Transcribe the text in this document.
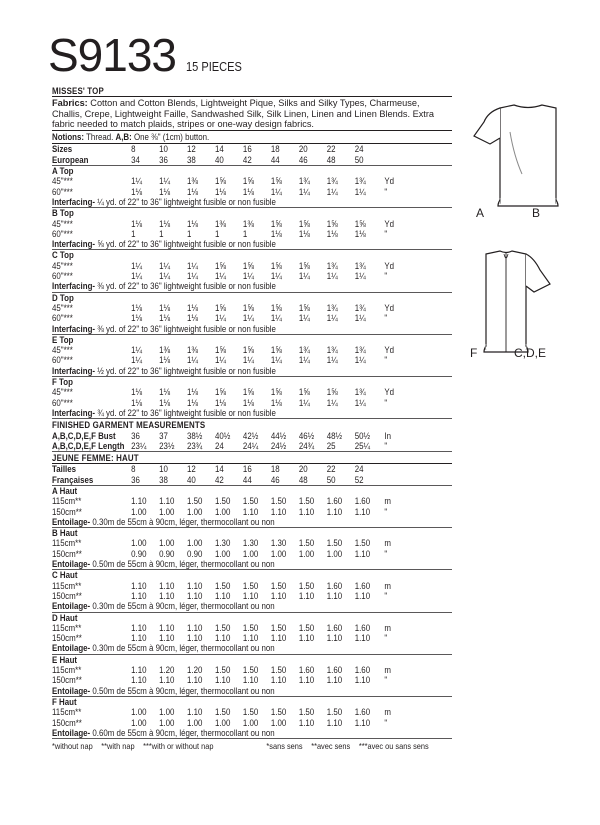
S9133 15 PIECES
MISSES' TOP
Fabrics: Cotton and Cotton Blends, Lightweight Pique, Silks and Silky Types, Charmeuse, Challis, Crepe, Lightweight Faille, Sandwashed Silk, Silk Linen, Linen and Linen Blends. Extra fabric needed to match plaids, stripes or one-way design fabrics.
Notions: Thread. A,B: One ⅜" (1cm) button.
Sizes	8	10	12	14	16	18	20	22	24
European	34	36	38	40	42	44	46	48	50
A Top
45"***	1¼	1¼	1⅜	1⅝	1⅝	1⅝	1¾	1¾	1¾	Yd
60"***	1⅛	1⅛	1⅛	1⅛	1⅛	1¼	1¼	1¼	1¼	"
Interfacing- ¼ yd. of 22" to 36" lightweight fusible or non fusible
B Top
45"***	1⅛	1⅛	1⅛	1⅜	1⅜	1⅝	1⅝	1⅝	1⅝	Yd
60"***	1	1	1	1	1	1⅛	1⅛	1⅛	1⅛	"
Interfacing- ⅝ yd. of 22" to 36" lightweight fusible or non fusible
C Top
45"***	1¼	1¼	1¼	1⅝	1⅝	1⅝	1⅝	1¾	1¾	Yd
60"***	1¼	1¼	1¼	1¼	1¼	1¼	1¼	1¼	1¼	"
Interfacing- ⅜ yd. of 22" to 36" lightweight fusible or non fusible
D Top
45"***	1⅛	1⅛	1⅛	1⅝	1⅝	1⅝	1⅝	1¾	1¾	Yd
60"***	1⅛	1⅛	1⅛	1¼	1¼	1¼	1¼	1¼	1¼	"
Interfacing- ⅜ yd. of 22" to 36" lightweight fusible or non fusible
E Top
45"***	1¼	1⅜	1⅜	1⅝	1⅝	1⅝	1¾	1¾	1¾	Yd
60"***	1¼	1⅛	1¼	1¼	1¼	1¼	1¼	1¼	1¼	"
Interfacing- ½ yd. of 22" to 36" lightweight fusible or non fusible
F Top
45"***	1⅛	1⅛	1⅛	1⅝	1⅝	1⅝	1⅝	1⅝	1¾	Yd
60"***	1⅛	1⅛	1⅛	1⅛	1⅛	1⅛	1¼	1¼	1¼	"
Interfacing- ¾ yd. of 22" to 36" lightweight fusible or non fusible
FINISHED GARMENT MEASUREMENTS
A,B,C,D,E,F Bust	36	37	38½	40½	42½	44½	46½	48½	50½	In
A,B,C,D,E,F Length 23¼	23½	23¾	24	24¼	24½	24¾	25	25¼	"
JEUNE FEMME: HAUT
Tailles	8	10	12	14	16	18	20	22	24
Françaises	36	38	40	42	44	46	48	50	52
A Haut
115cm**	1.10	1.10	1.50	1.50	1.50	1.50	1.50	1.60	1.60	m
150cm**	1.00	1.00	1.00	1.00	1.10	1.10	1.10	1.10	1.10	"
Entoilage- 0.30m de 55cm à 90cm, léger, thermocollant ou non
B Haut
115cm**	1.00	1.00	1.00	1.30	1.30	1.30	1.50	1.50	1.50	m
150cm**	0.90	0.90	0.90	1.00	1.00	1.00	1.00	1.00	1.10	"
Entoilage- 0.50m de 55cm à 90cm, léger, thermocollant ou non
C Haut
115cm**	1.10	1.10	1.10	1.50	1.50	1.50	1.50	1.60	1.60	m
150cm**	1.10	1.10	1.10	1.10	1.10	1.10	1.10	1.10	1.10	"
Entoilage- 0.30m de 55cm à 90cm, léger, thermocollant ou non
D Haut
115cm**	1.10	1.10	1.10	1.50	1.50	1.50	1.50	1.60	1.60	m
150cm**	1.10	1.10	1.10	1.10	1.10	1.10	1.10	1.10	1.10	"
Entoilage- 0.30m de 55cm à 90cm, léger, thermocollant ou non
E Haut
115cm**	1.10	1.20	1.20	1.50	1.50	1.50	1.60	1.60	1.60	m
150cm**	1.10	1.10	1.10	1.10	1.10	1.10	1.10	1.10	1.10	"
Entoilage- 0.50m de 55cm à 90cm, léger, thermocollant ou non
F Haut
115cm**	1.00	1.00	1.10	1.50	1.50	1.50	1.50	1.50	1.60	m
150cm**	1.00	1.00	1.00	1.00	1.00	1.00	1.10	1.10	1.10	"
Entoilage- 0.60m de 55cm à 90cm, léger, thermocollant ou non
*without nap **with nap ***with or without nap	*sans sens **avec sens ***avec ou sans sens
A	B
F	C,D,E
